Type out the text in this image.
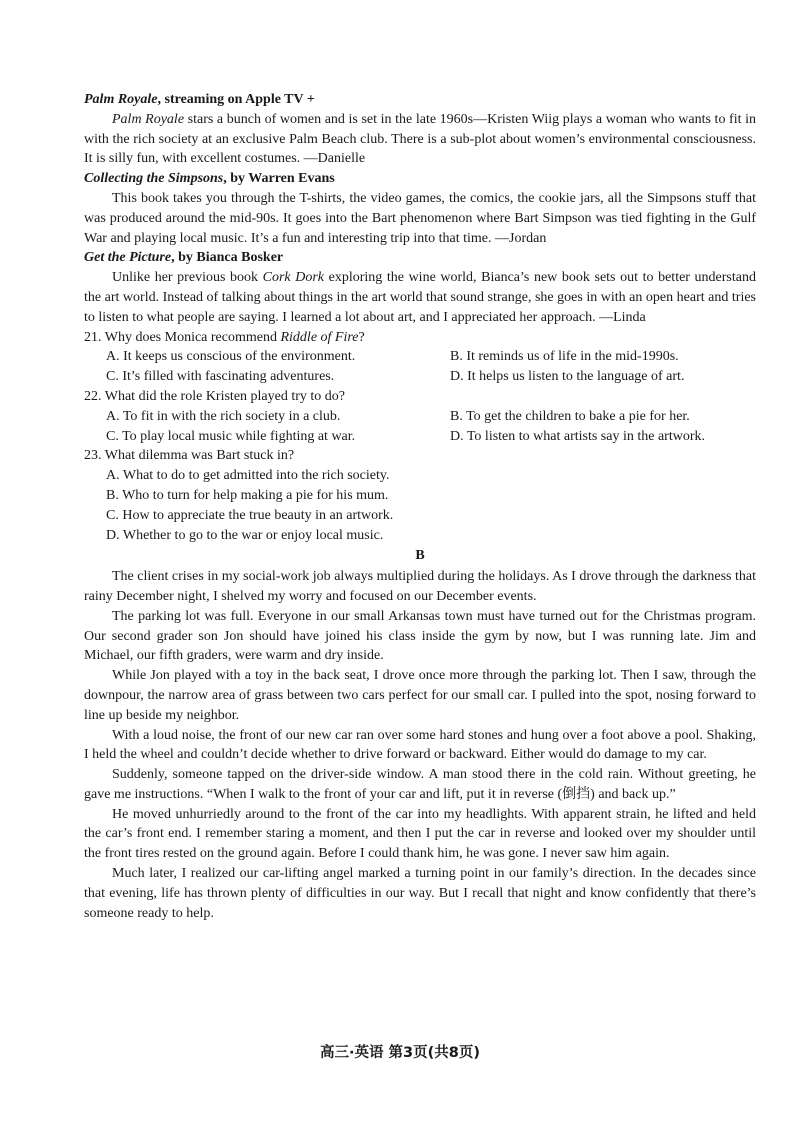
Palm Royale, streaming on Apple TV +

Palm Royale stars a bunch of women and is set in the late 1960s—Kristen Wiig plays a woman who wants to fit in with the rich society at an exclusive Palm Beach club. There is a sub-plot about women’s environmental consciousness. It is silly fun, with excellent costumes. —Danielle

Collecting the Simpsons, by Warren Evans

This book takes you through the T-shirts, the video games, the comics, the cookie jars, all the Simpsons stuff that was produced around the mid-90s. It goes into the Bart phenomenon where Bart Simpson was tied fighting in the Gulf War and playing local music. It’s a fun and interesting trip into that time. —Jordan

Get the Picture, by Bianca Bosker

Unlike her previous book Cork Dork exploring the wine world, Bianca’s new book sets out to better understand the art world. Instead of talking about things in the art world that sound strange, she goes in with an open heart and tries to listen to what people are saying. I learned a lot about art, and I appreciated her approach. —Linda

21. Why does Monica recommend Riddle of Fire?
A. It keeps us conscious of the environment.	B. It reminds us of life in the mid-1990s.
C. It’s filled with fascinating adventures.	D. It helps us listen to the language of art.
22. What did the role Kristen played try to do?
A. To fit in with the rich society in a club.	B. To get the children to bake a pie for her.
C. To play local music while fighting at war.	D. To listen to what artists say in the artwork.
23. What dilemma was Bart stuck in?
A. What to do to get admitted into the rich society.
B. Who to turn for help making a pie for his mum.
C. How to appreciate the true beauty in an artwork.
D. Whether to go to the war or enjoy local music.
B

The client crises in my social-work job always multiplied during the holidays. As I drove through the darkness that rainy December night, I shelved my worry and focused on our December events.

The parking lot was full. Everyone in our small Arkansas town must have turned out for the Christmas program. Our second grader son Jon should have joined his class inside the gym by now, but I was running late. Jim and Michael, our fifth graders, were warm and dry inside.

While Jon played with a toy in the back seat, I drove once more through the parking lot. Then I saw, through the downpour, the narrow area of grass between two cars perfect for our small car. I pulled into the spot, nosing forward to line up beside my neighbor.

With a loud noise, the front of our new car ran over some hard stones and hung over a foot above a pool. Shaking, I held the wheel and couldn’t decide whether to drive forward or backward. Either would do damage to my car.

Suddenly, someone tapped on the driver-side window. A man stood there in the cold rain. Without greeting, he gave me instructions. “When I walk to the front of your car and lift, put it in reverse (倒挡) and back up.”

He moved unhurriedly around to the front of the car into my headlights. With apparent strain, he lifted and held the car’s front end. I remember staring a moment, and then I put the car in reverse and looked over my shoulder until the front tires rested on the ground again. Before I could thank him, he was gone. I never saw him again.

Much later, I realized our car-lifting angel marked a turning point in our family’s direction. In the decades since that evening, life has thrown plenty of difficulties in our way. But I recall that night and know confidently that there’s someone ready to help.

高三·英语 第3页(共8页)
